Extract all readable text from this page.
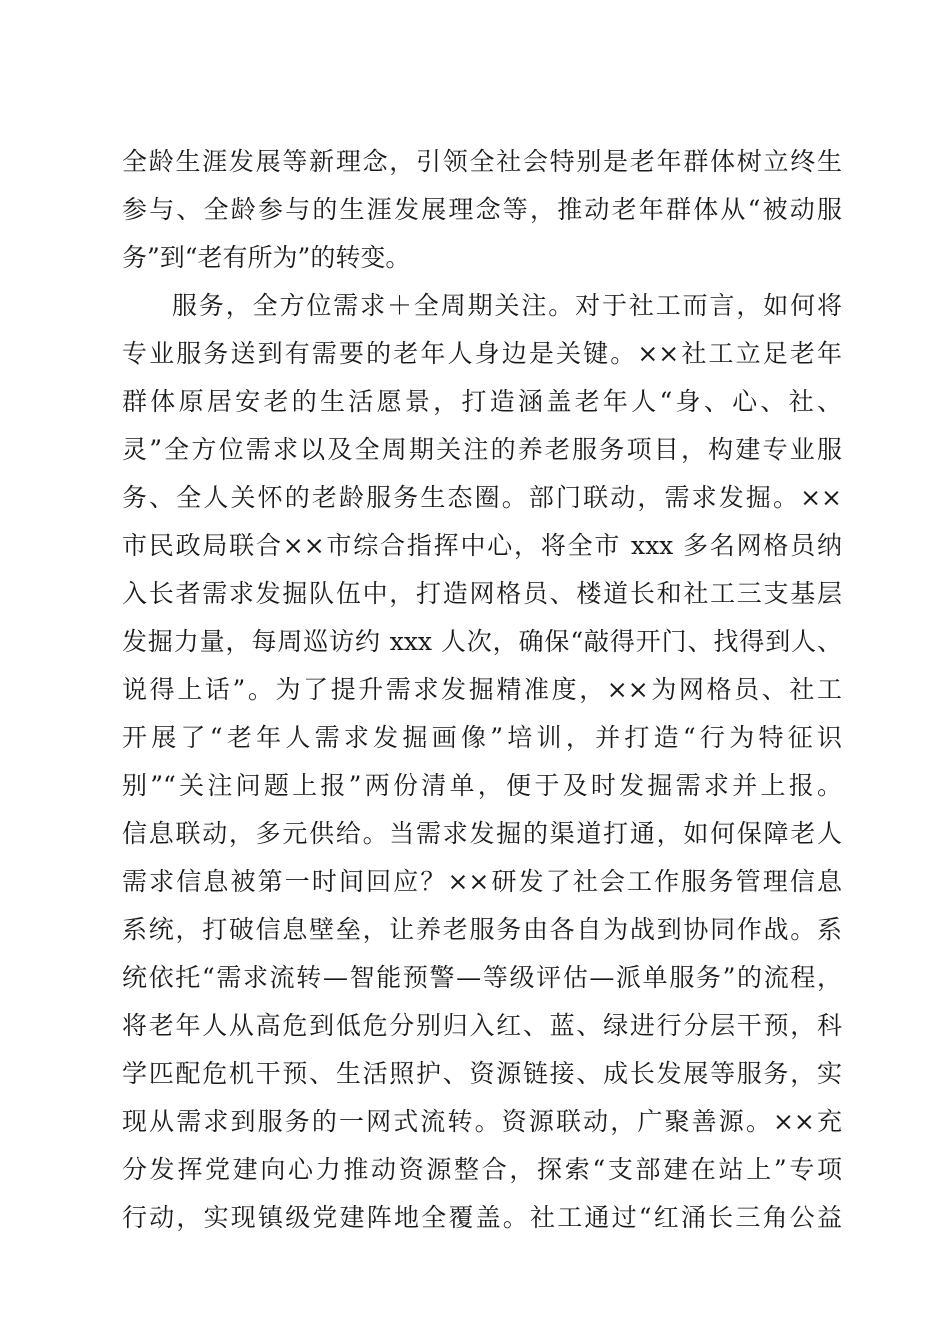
全龄生涯发展等新理念，引领全社会特别是老年群体树立终生
参与、全龄参与的生涯发展理念等，推动老年群体从“被动服
务”到“老有所为”的转变。
服务，全方位需求＋全周期关注。对于社工而言，如何将
专业服务送到有需要的老年人身边是关键。××社工立足老年
群体原居安老的生活愿景，打造涵盖老年人“身、心、社、
灵”全方位需求以及全周期关注的养老服务项目，构建专业服
务、全人关怀的老龄服务生态圈。部门联动，需求发掘。××
市民政局联合××市综合指挥中心，将全市 xxx 多名网格员纳
入长者需求发掘队伍中，打造网格员、楼道长和社工三支基层
发掘力量，每周巡访约 xxx 人次，确保“敲得开门、找得到人、
说得上话”。为了提升需求发掘精准度，××为网格员、社工
开展了“老年人需求发掘画像”培训，并打造“行为特征识
别”“关注问题上报”两份清单，便于及时发掘需求并上报。
信息联动，多元供给。当需求发掘的渠道打通，如何保障老人
需求信息被第一时间回应？××研发了社会工作服务管理信息
系统，打破信息壁垒，让养老服务由各自为战到协同作战。系
统依托“需求流转—智能预警—等级评估—派单服务”的流程，
将老年人从高危到低危分别归入红、蓝、绿进行分层干预，科
学匹配危机干预、生活照护、资源链接、成长发展等服务，实
现从需求到服务的一网式流转。资源联动，广聚善源。××充
分发挥党建向心力推动资源整合，探索“支部建在站上”专项
行动，实现镇级党建阵地全覆盖。社工通过“红涌长三角公益
